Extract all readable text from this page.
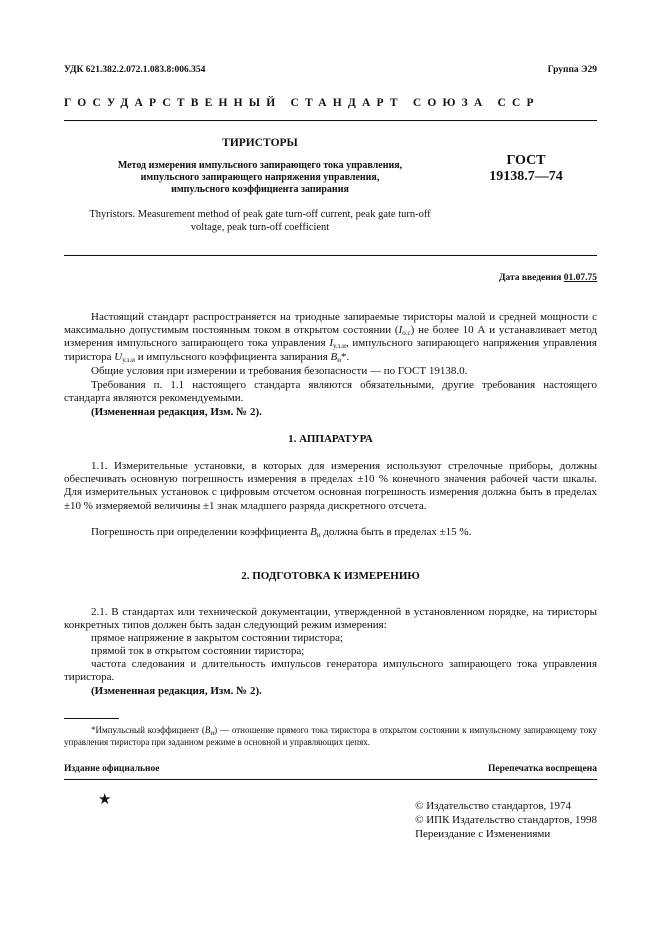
УДК 621.382.2.072.1.083.8:006.354	Группа Э29
ГОСУДАРСТВЕННЫЙ СТАНДАРТ СОЮЗА ССР
ТИРИСТОРЫ
Метод измерения импульсного запирающего тока управления,
импульсного запирающего напряжения управления,
импульсного коэффициента запирания
Thyristors. Measurement method of peak gate turn-off current, peak gate turn-off
voltage, peak turn-off coefficient
ГОСТ
19138.7—74
Дата введения 01.07.75
Настоящий стандарт распространяется на триодные запираемые тиристоры малой и средней мощности с максимально допустимым постоянным током в открытом состоянии $(I_{о.с})$ не более 10 А и устанавливает метод измерения импульсного запирающего тока управления $I_{у.з.и}$, импульсного запирающего напряжения управления тиристора $U_{у.з.и}$ и импульсного коэффициента запирания $B_и*$.
Общие условия при измерении и требования безопасности — по ГОСТ 19138.0.
Требования п. 1.1 настоящего стандарта являются обязательными, другие требования настоящего стандарта являются рекомендуемыми.
(Измененная редакция, Изм. № 2).
1. АППАРАТУРА
1.1. Измерительные установки, в которых для измерения используют стрелочные приборы, должны обеспечивать основную погрешность измерения в пределах ±10 % конечного значения рабочей части шкалы. Для измерительных установок с цифровым отсчетом основная погрешность измерения должна быть в пределах ±10 % измеряемой величины ±1 знак младшего разряда дискретного отсчета.
Погрешность при определении коэффициента $B_и$ должна быть в пределах ±15 %.
2. ПОДГОТОВКА К ИЗМЕРЕНИЮ
2.1. В стандартах или технической документации, утвержденной в установленном порядке, на тиристоры конкретных типов должен быть задан следующий режим измерения:
прямое напряжение в закрытом состоянии тиристора;
прямой ток в открытом состоянии тиристора;
частота следования и длительность импульсов генератора импульсного запирающего тока управления тиристора.
(Измененная редакция, Изм. № 2).
*Импульсный коэффициент $(B_и)$ — отношение прямого тока тиристора в открытом состоянии к импульсному запирающему току управления тиристора при заданном режиме в основной и управляющих цепях.
Издание официальное	Перепечатка воспрещена
★	© Издательство стандартов, 1974
© ИПК Издательство стандартов, 1998
Переиздание с Изменениями
